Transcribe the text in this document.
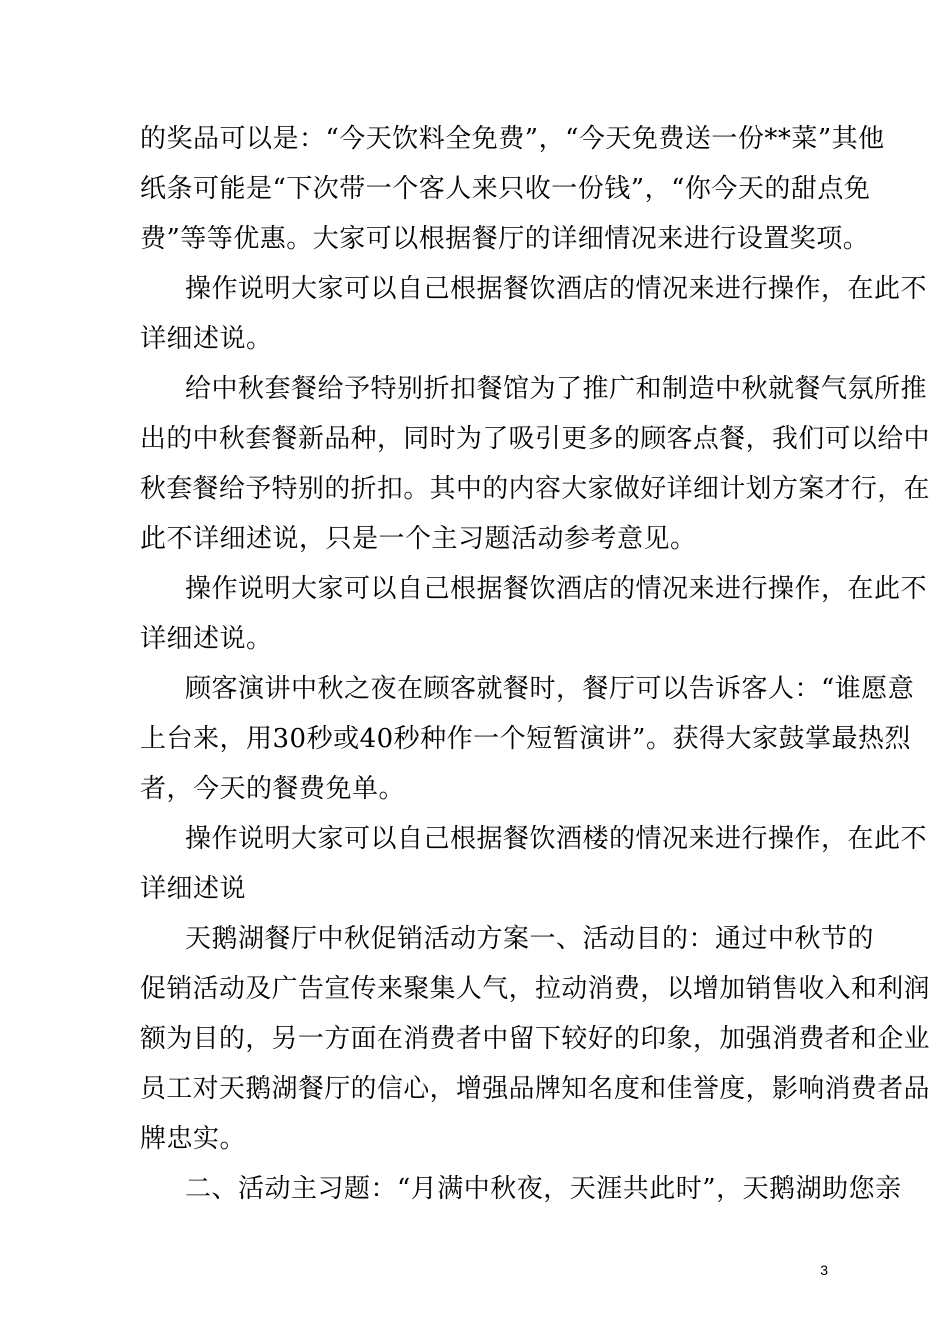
的奖品可以是：“今天饮料全免费”，“今天免费送一份**菜”其他
纸条可能是“下次带一个客人来只收一份钱”，“你今天的甜点免
费”等等优惠。大家可以根据餐厅的详细情况来进行设置奖项。
操作说明大家可以自己根据餐饮酒店的情况来进行操作，在此不
详细述说。
给中秋套餐给予特别折扣餐馆为了推广和制造中秋就餐气氛所推
出的中秋套餐新品种，同时为了吸引更多的顾客点餐，我们可以给中
秋套餐给予特别的折扣。其中的内容大家做好详细计划方案才行，在
此不详细述说，只是一个主习题活动参考意见。
操作说明大家可以自己根据餐饮酒店的情况来进行操作，在此不
详细述说。
顾客演讲中秋之夜在顾客就餐时，餐厅可以告诉客人：“谁愿意
上台来，用30秒或40秒种作一个短暂演讲”。获得大家鼓掌最热烈
者，今天的餐费免单。
操作说明大家可以自己根据餐饮酒楼的情况来进行操作，在此不
详细述说
天鹅湖餐厅中秋促销活动方案一、活动目的：通过中秋节的
促销活动及广告宣传来聚集人气，拉动消费，以增加销售收入和利润
额为目的，另一方面在消费者中留下较好的印象，加强消费者和企业
员工对天鹅湖餐厅的信心，增强品牌知名度和佳誉度，影响消费者品
牌忠实。
二、活动主习题：“月满中秋夜，天涯共此时”，天鹅湖助您亲
3
